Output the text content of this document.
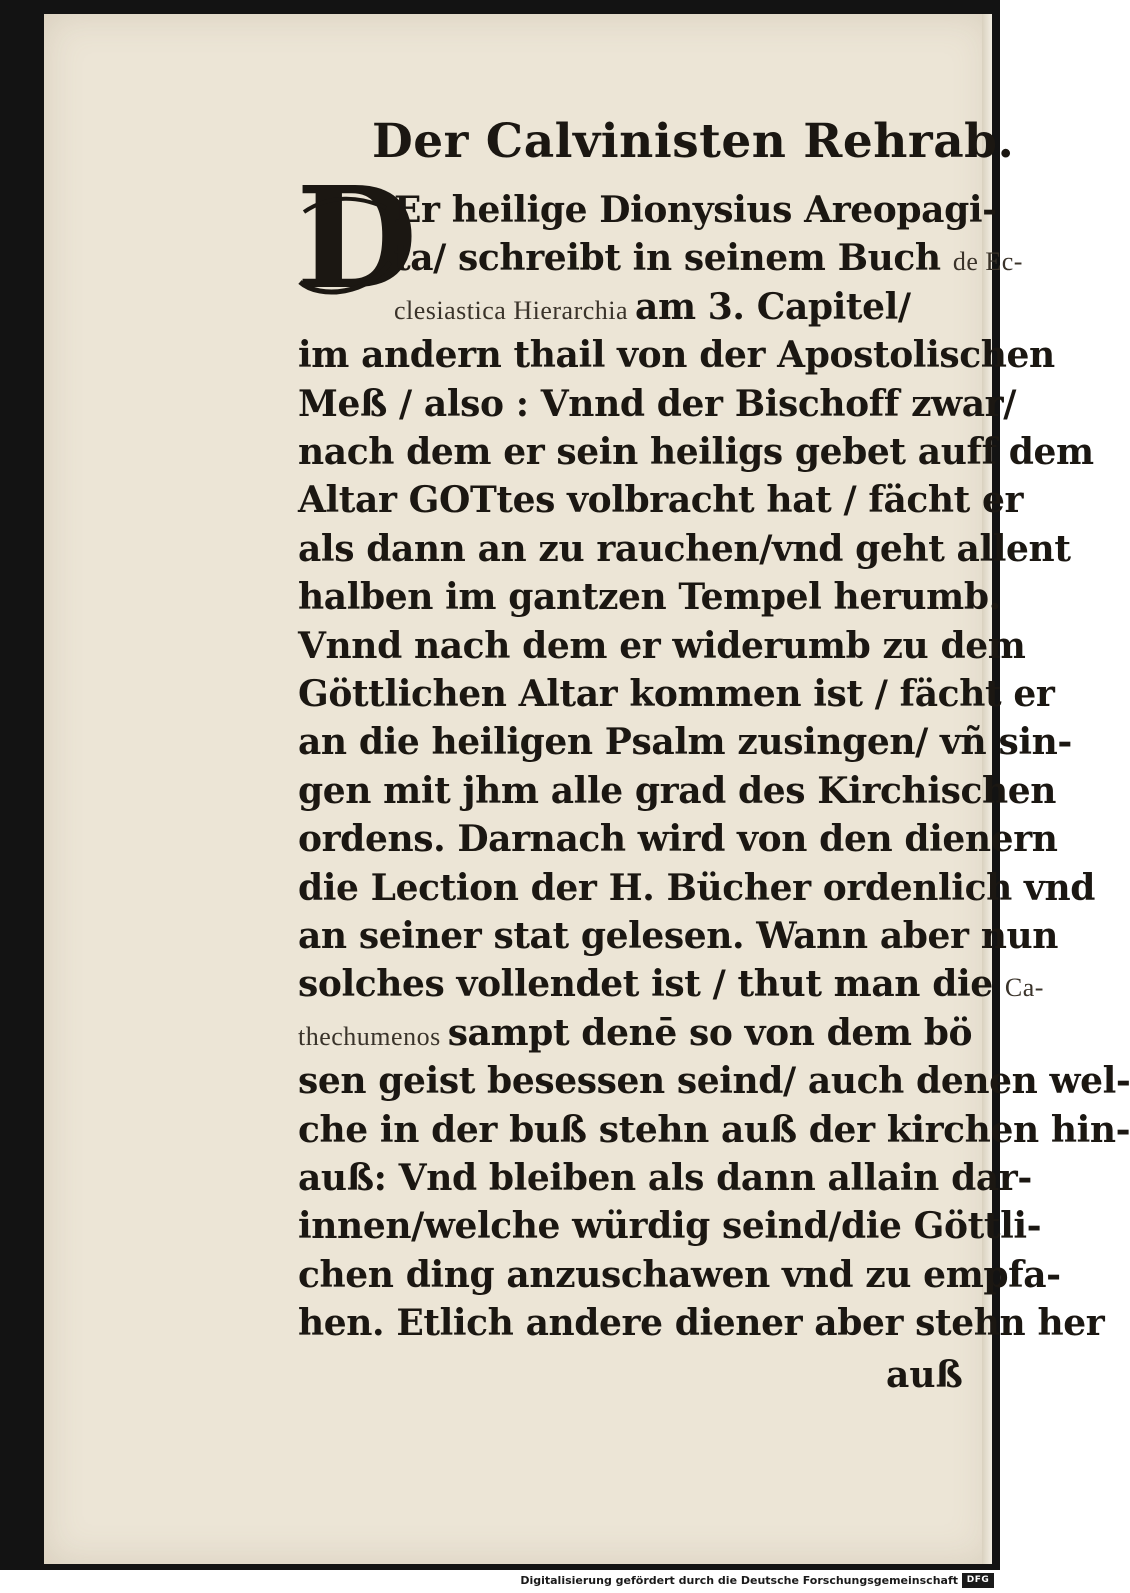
Der Calvinisten Rehrab.
D
Er heilige Dionysius Areopagi-
ta/ schreibt in seinem Buch de Ec-
clesiastica Hierarchia am 3. Capitel/
im andern thail von der Apostolischen
Meß / also : Vnnd der Bischoff zwar/
nach dem er sein heiligs gebet auff dem
Altar GOTtes volbracht hat / fächt er
als dann an zu rauchen/vnd geht allent
halben im gantzen Tempel herumb.
Vnnd nach dem er widerumb zu dem
Göttlichen Altar kommen ist / fächt er
an die heiligen Psalm zusingen/ vñ sin-
gen mit jhm alle grad des Kirchischen
ordens. Darnach wird von den dienern
die Lection der H. Bücher ordenlich vnd
an seiner stat gelesen. Wann aber nun
solches vollendet ist / thut man die Ca-
thechumenos sampt denē so von dem bö
sen geist besessen seind/ auch denen wel-
che in der buß stehn auß der kirchen hin-
auß: Vnd bleiben als dann allain dar-
innen/welche würdig seind/die Göttli-
chen ding anzuschawen vnd zu empfa-
hen. Etlich andere diener aber stehn her
auß
Digitalisierung gefördert durch die Deutsche Forschungsgemeinschaft DFG
